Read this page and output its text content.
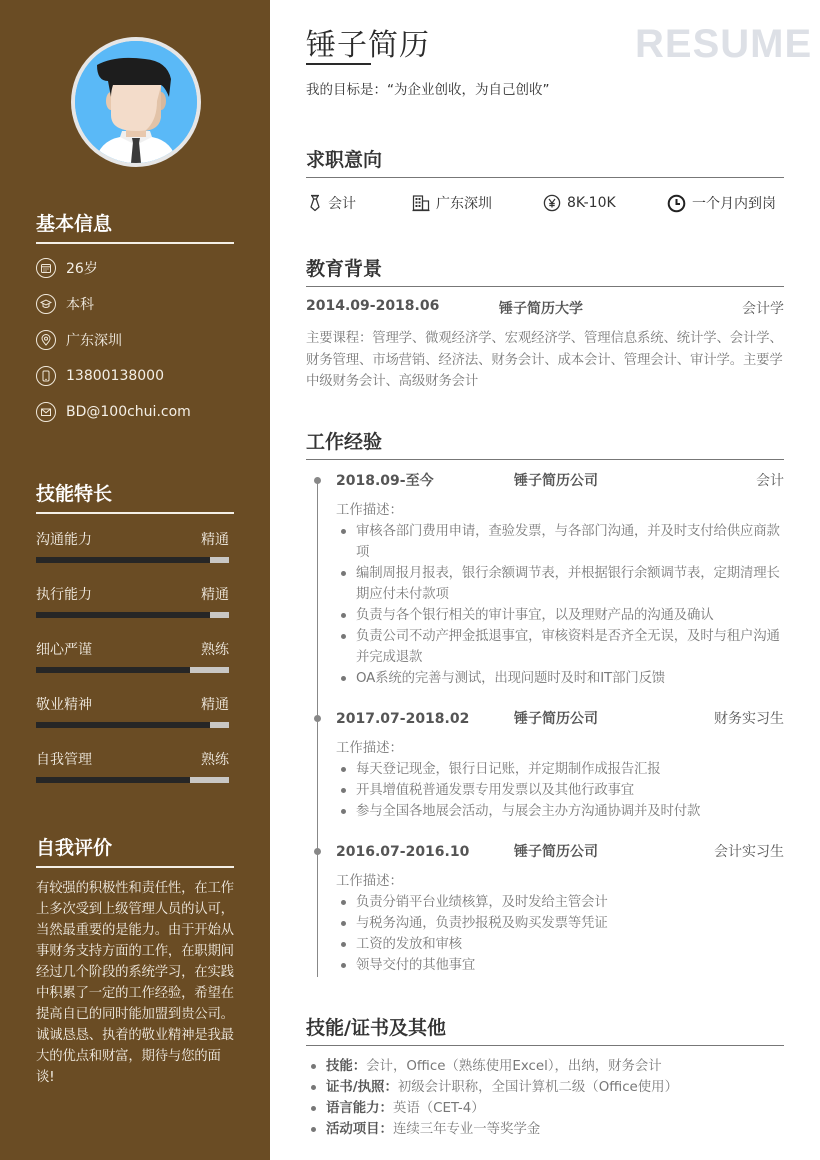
基本信息
26岁
本科
广东深圳
13800138000
BD@100chui.com
技能特长
沟通能力	精通
执行能力	精通
细心严谨	熟练
敬业精神	精通
自我管理	熟练
自我评价
有较强的积极性和责任性，在工作上多次受到上级管理人员的认可，当然最重要的是能力。由于开始从事财务支持方面的工作，在职期间经过几个阶段的系统学习，在实践中积累了一定的工作经验，希望在提高自已的同时能加盟到贵公司。诚诚恳恳、执着的敬业精神是我最大的优点和财富，期待与您的面谈!
锤子简历	RESUME
我的目标是：“为企业创收，为自己创收”
求职意向
会计	广东深圳	8K-10K	一个月内到岗
教育背景
2014.09-2018.06	锤子简历大学	会计学
主要课程：管理学、微观经济学、宏观经济学、管理信息系统、统计学、会计学、财务管理、市场营销、经济法、财务会计、成本会计、管理会计、审计学。主要学中级财务会计、高级财务会计
工作经验
2018.09-至今	锤子简历公司	会计
工作描述：
审核各部门费用申请，查验发票，与各部门沟通，并及时支付给供应商款项
编制周报月报表，银行余额调节表，并根据银行余额调节表，定期清理长期应付未付款项
负责与各个银行相关的审计事宜，以及理财产品的沟通及确认
负责公司不动产押金抵退事宜，审核资料是否齐全无误，及时与租户沟通并完成退款
OA系统的完善与测试，出现问题时及时和IT部门反馈
2017.07-2018.02	锤子简历公司	财务实习生
工作描述：
每天登记现金，银行日记账，并定期制作成报告汇报
开具增值税普通发票专用发票以及其他行政事宜
参与全国各地展会活动，与展会主办方沟通协调并及时付款
2016.07-2016.10	锤子简历公司	会计实习生
工作描述：
负责分销平台业绩核算，及时发给主管会计
与税务沟通，负责抄报税及购买发票等凭证
工资的发放和审核
领导交付的其他事宜
技能/证书及其他
技能：会计，Office（熟练使用Excel），出纳，财务会计
证书/执照：初级会计职称，全国计算机二级（Office使用）
语言能力：英语（CET-4）
活动项目：连续三年专业一等奖学金
